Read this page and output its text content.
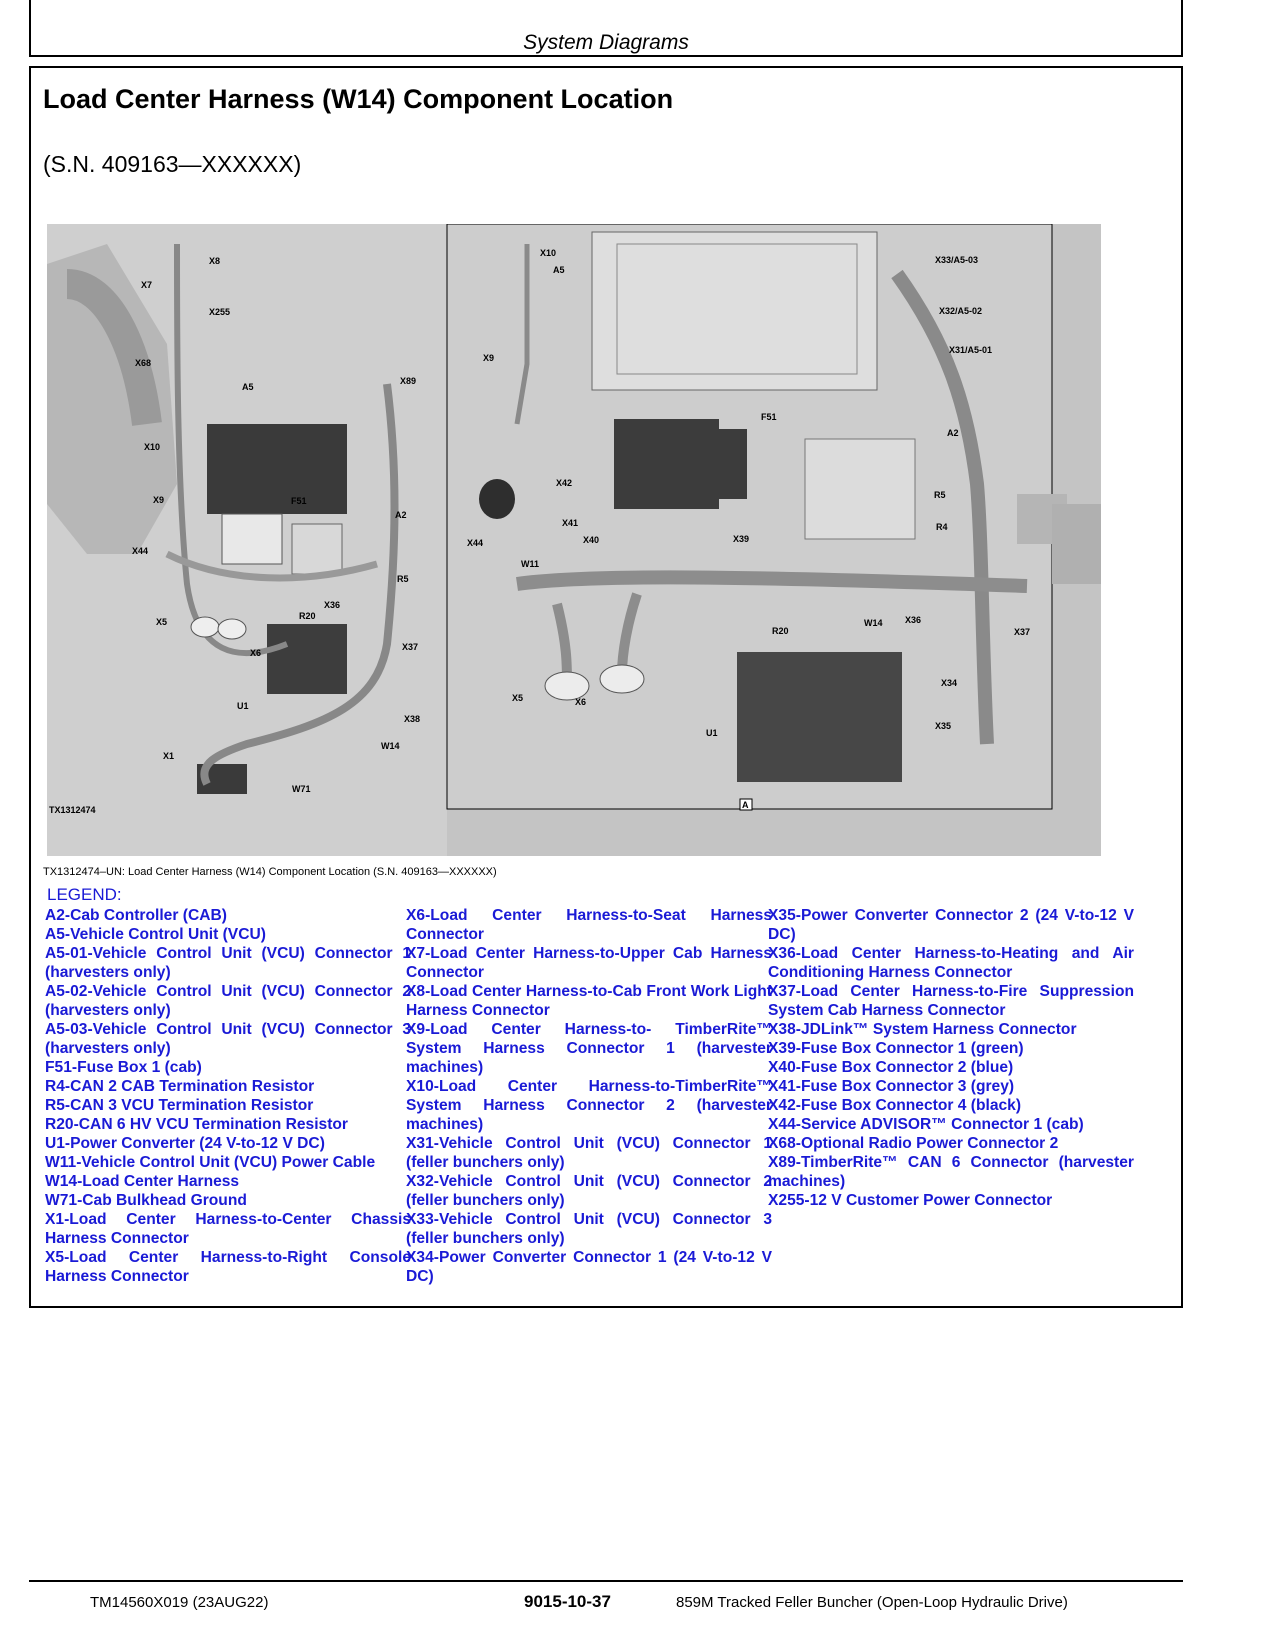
System Diagrams
Load Center Harness (W14) Component Location
(S.N. 409163—XXXXXX)
X8
X7
X255
X68
X89
A5
X10
F51
X9
A2
X44
R5
X36
R20
X5
X6
X37
U1
X38
W14
X1
W71
TX1312474
X10
A5
X33/A5-03
X32/A5-02
X31/A5-01
X9
F51
A2
X42
R5
X41	R4
X44	X40	X39
W11
R20
W14 X36
X37
X34
X5	X6
X35
U1
A
TX1312474–UN: Load Center Harness (W14) Component Location (S.N. 409163—XXXXXX)
LEGEND:
A2-Cab Controller (CAB)
A5-Vehicle Control Unit (VCU)
A5-01-Vehicle Control Unit (VCU) Connector 1 (harvesters only)
A5-02-Vehicle Control Unit (VCU) Connector 2 (harvesters only)
A5-03-Vehicle Control Unit (VCU) Connector 3 (harvesters only)
F51-Fuse Box 1 (cab)
R4-CAN 2 CAB Termination Resistor
R5-CAN 3 VCU Termination Resistor
R20-CAN 6 HV VCU Termination Resistor
U1-Power Converter (24 V-to-12 V DC)
W11-Vehicle Control Unit (VCU) Power Cable
W14-Load Center Harness
W71-Cab Bulkhead Ground
X1-Load Center Harness-to-Center Chassis Harness Connector
X5-Load Center Harness-to-Right Console Harness Connector
X6-Load Center Harness-to-Seat Harness Connector
X7-Load Center Harness-to-Upper Cab Harness Connector
X8-Load Center Harness-to-Cab Front Work Light Harness Connector
X9-Load Center Harness-to- TimberRite™ System Harness Connector 1 (harvester machines)
X10-Load Center Harness-to-TimberRite™ System Harness Connector 2 (harvester machines)
X31-Vehicle Control Unit (VCU) Connector 1 (feller bunchers only)
X32-Vehicle Control Unit (VCU) Connector 2 (feller bunchers only)
X33-Vehicle Control Unit (VCU) Connector 3 (feller bunchers only)
X34-Power Converter Connector 1 (24 V-to-12 V DC)
X35-Power Converter Connector 2 (24 V-to-12 V DC)
X36-Load Center Harness-to-Heating and Air Conditioning Harness Connector
X37-Load Center Harness-to-Fire Suppression System Cab Harness Connector
X38-JDLink™ System Harness Connector
X39-Fuse Box Connector 1 (green)
X40-Fuse Box Connector 2 (blue)
X41-Fuse Box Connector 3 (grey)
X42-Fuse Box Connector 4 (black)
X44-Service ADVISOR™ Connector 1 (cab)
X68-Optional Radio Power Connector 2
X89-TimberRite™ CAN 6 Connector (harvester machines)
X255-12 V Customer Power Connector
TM14560X019 (23AUG22)	9015-10-37	859M Tracked Feller Buncher (Open-Loop Hydraulic Drive)
